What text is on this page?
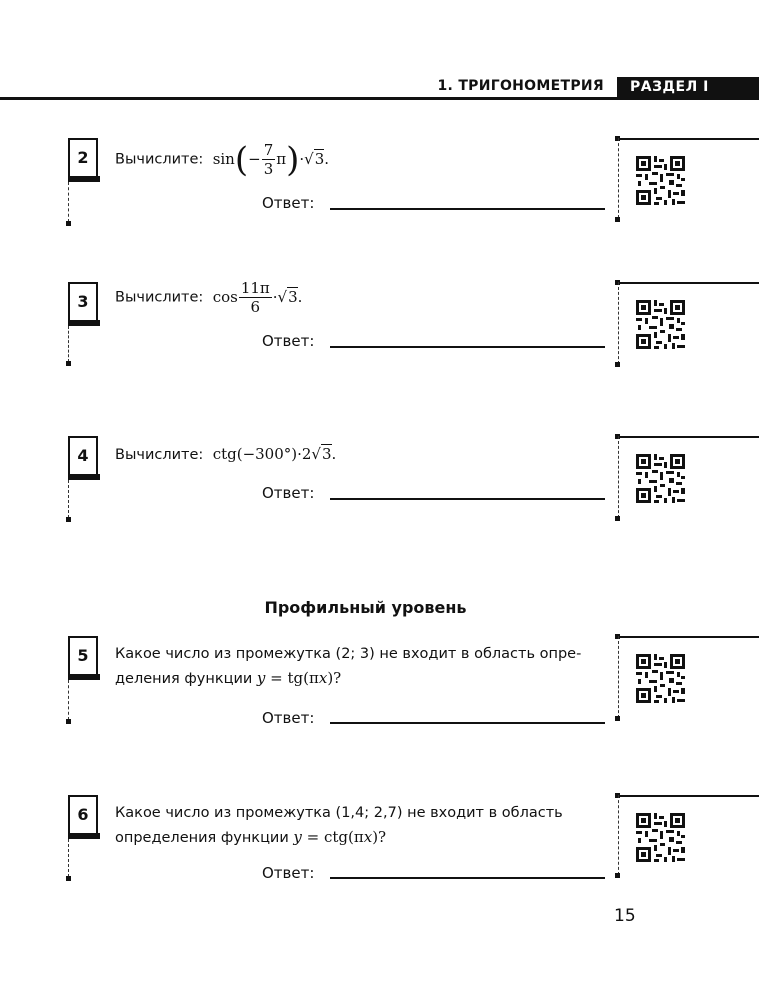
1. ТРИГОНОМЕТРИЯ	РАЗДЕЛ I
2	Вычислите:  $\sin(- \frac{7}{3} \pi)\cdot√3$.
Ответ:
3	Вычислите:  $\cos \frac{11\pi}{6} \cdot√3$.
Ответ:
4	Вычислите:  ctg(−300°)·2√3.
Ответ:
Профильный уровень
5	Какое число из промежутка (2; 3) не входит в область опре-
деления функции y = tg(πx)?
Ответ:
6	Какое число из промежутка (1,4; 2,7) не входит в область
определения функции y = ctg(πx)?
Ответ:
15
